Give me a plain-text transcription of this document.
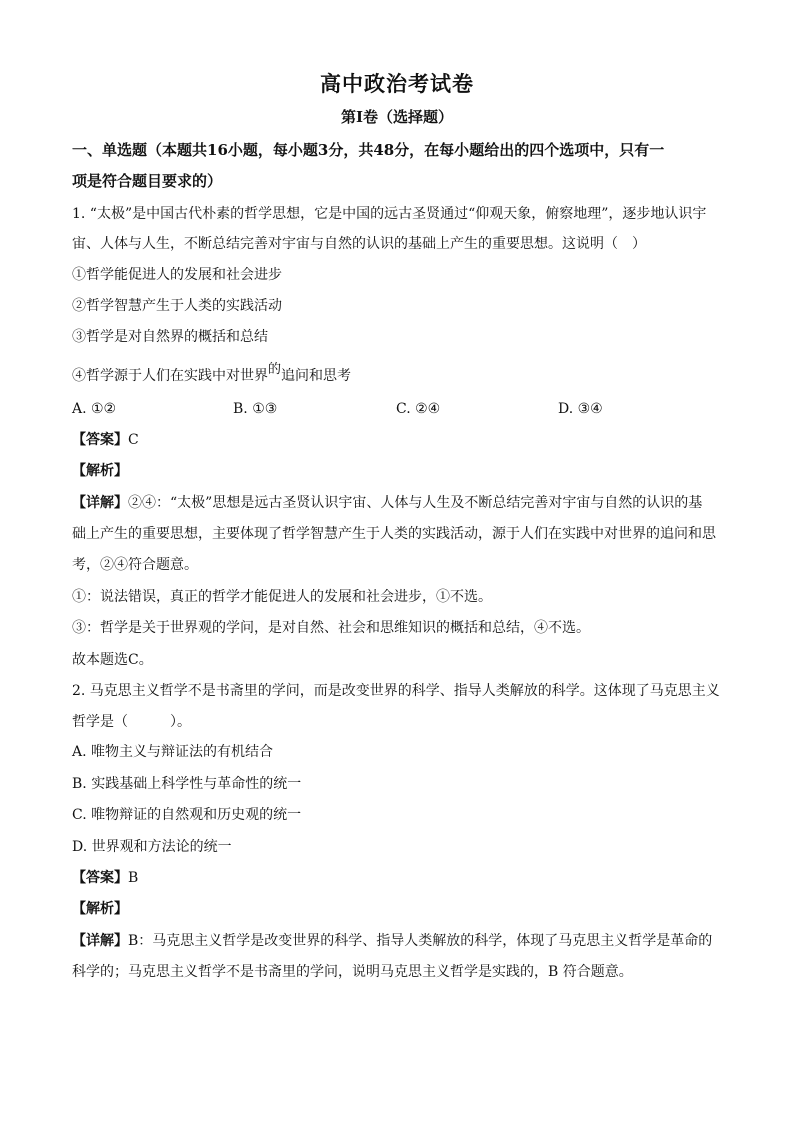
高中政治考试卷
第Ⅰ卷（选择题）
一、单选题（本题共16小题，每小题3分，共48分，在每小题给出的四个选项中，只有一
项是符合题目要求的）
1. “太极”是中国古代朴素的哲学思想，它是中国的远古圣贤通过“仰观天象，俯察地理”，逐步地认识宇
宙、人体与人生，不断总结完善对宇宙与自然的认识的基础上产生的重要思想。这说明（　）
①哲学能促进人的发展和社会进步
②哲学智慧产生于人类的实践活动
③哲学是对自然界的概括和总结
④哲学源于人们在实践中对世界的追问和思考
A. ①②	B. ①③	C. ②④	D. ③④
【答案】C
【解析】
【详解】②④：“太极”思想是远古圣贤认识宇宙、人体与人生及不断总结完善对宇宙与自然的认识的基
础上产生的重要思想，主要体现了哲学智慧产生于人类的实践活动，源于人们在实践中对世界的追问和思
考，②④符合题意。
①：说法错误，真正的哲学才能促进人的发展和社会进步，①不选。
③：哲学是关于世界观的学问，是对自然、社会和思维知识的概括和总结，④不选。
故本题选C。
2. 马克思主义哲学不是书斋里的学问，而是改变世界的科学、指导人类解放的科学。这体现了马克思主义
哲学是（　　　）。
A. 唯物主义与辩证法的有机结合
B. 实践基础上科学性与革命性的统一
C. 唯物辩证的自然观和历史观的统一
D. 世界观和方法论的统一
【答案】B
【解析】
【详解】B：马克思主义哲学是改变世界的科学、指导人类解放的科学，体现了马克思主义哲学是革命的
科学的；马克思主义哲学不是书斋里的学问，说明马克思主义哲学是实践的，B 符合题意。
